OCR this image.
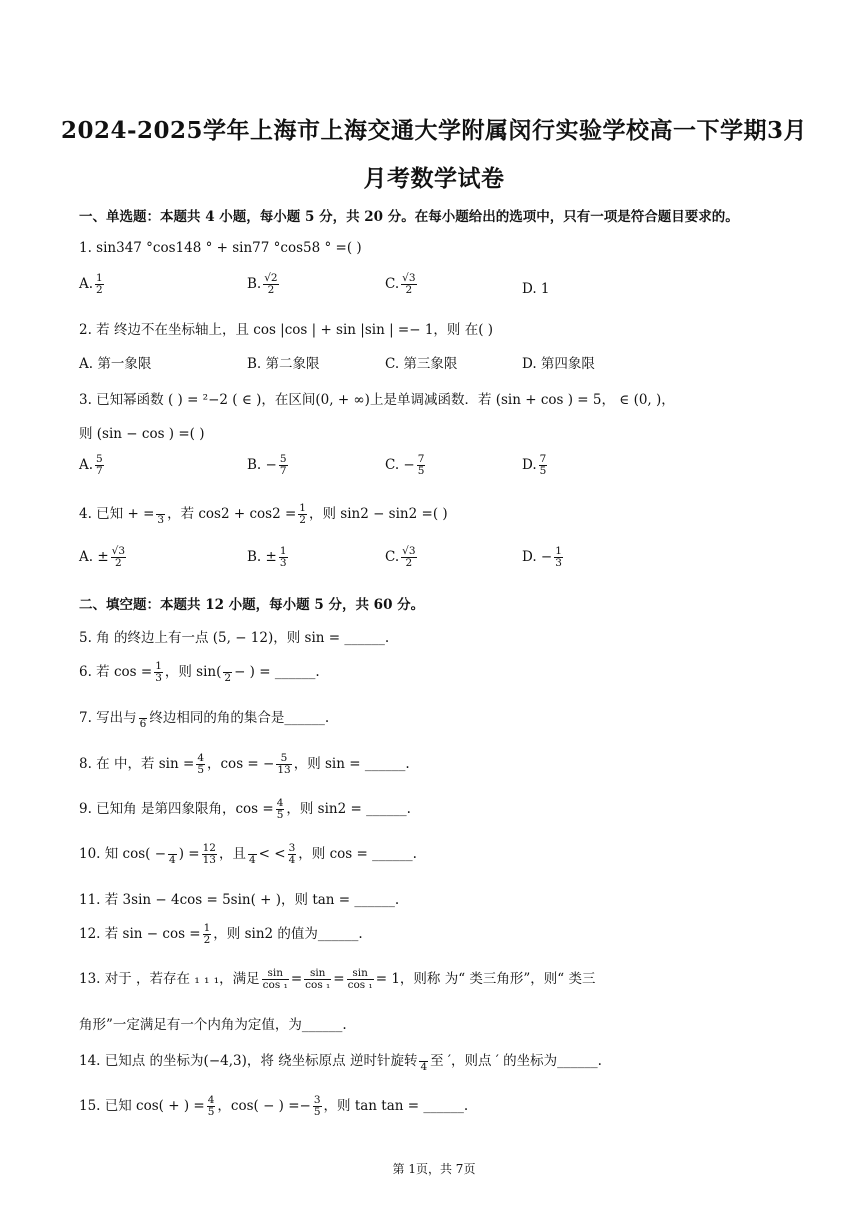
2024-2025学年上海市上海交通大学附属闵行实验学校高一下学期3月
月考数学试卷
一、单选题：本题共 4 小题，每小题 5 分，共 20 分。在每小题给出的选项中，只有一项是符合题目要求的。
1. sin347 °cos148 ° + sin77 °cos58 ° =( )
A. $\frac{1}{2}$	B. $\frac{√2}{2}$	C. $\frac{√3}{2}$	D. 1
2. 若 终边不在坐标轴上，且 cos |cos | + sin |sin | =− 1，则 在( )
A. 第一象限	B. 第二象限	C. 第三象限	D. 第四象限
3. 已知幂函数 ( ) = ²−2 ( ∈ )，在区间(0, + ∞)上是单调减函数．若 (sin + cos ) = 5， ∈ (0, )，
则 (sin − cos ) =( )
A. $\frac{5}{7}$	B. − $\frac{5}{7}$	C. − $\frac{7}{5}$	D. $\frac{7}{5}$
4. 已知 + =
3 ，若 $\cos 2 + \cos 2 = \frac{1}{2}$ ，则 sin2 − sin2 =( )
A. ± $\frac{√3}{2}$	B. ± $\frac{1}{3}$	C. $\frac{√3}{2}$	D. − $\frac{1}{3}$
二、填空题：本题共 12 小题，每小题 5 分，共 60 分。
5. 角 的终边上有一点 (5, − 12)，则 sin = ______.
6. 若 $\cos = \frac{1}{3}$ ，则 sin(
2 − ) = ______.
7. 写出与
6 终边相同的角的集合是______.
8. 在 中，若 $\sin = \frac{4}{5}$ ，cos = − $\frac{5}{13}$ ，则 sin = ______.
9. 已知角 是第四象限角，$\cos = \frac{4}{5}$ ，则 sin2 = ______.
10. 知 cos( −
4 ) = $\frac{12}{13}$ ，且
4 < < $\frac{3}{4}$ ，则 cos = ______.
11. 若 3sin − 4cos = 5sin( + )，则 tan = ______.
12. 若 $\sin - \cos = \frac{1}{2}$ ，则 sin2 的值为______.
13. 对于 ，若存在 ₁ ₁ ₁，满足 $\frac{\sin}{\text{cos ₁}} = \frac{\sin}{\text{cos ₁}} = \frac{\sin}{\text{cos ₁}} = 1$，则称 为“ 类三角形”，则“ 类三
角形”一定满足有一个内角为定值，为______.
14. 已知点 的坐标为(−4,3)，将 绕坐标原点 逆时针旋转
4 至 ′，则点 ′ 的坐标为______.
15. 已知 cos( + ) = $\frac{4}{5}$ ，cos( − ) =− $\frac{3}{5}$ ，则 tan tan = ______.
第 1页，共 7页
